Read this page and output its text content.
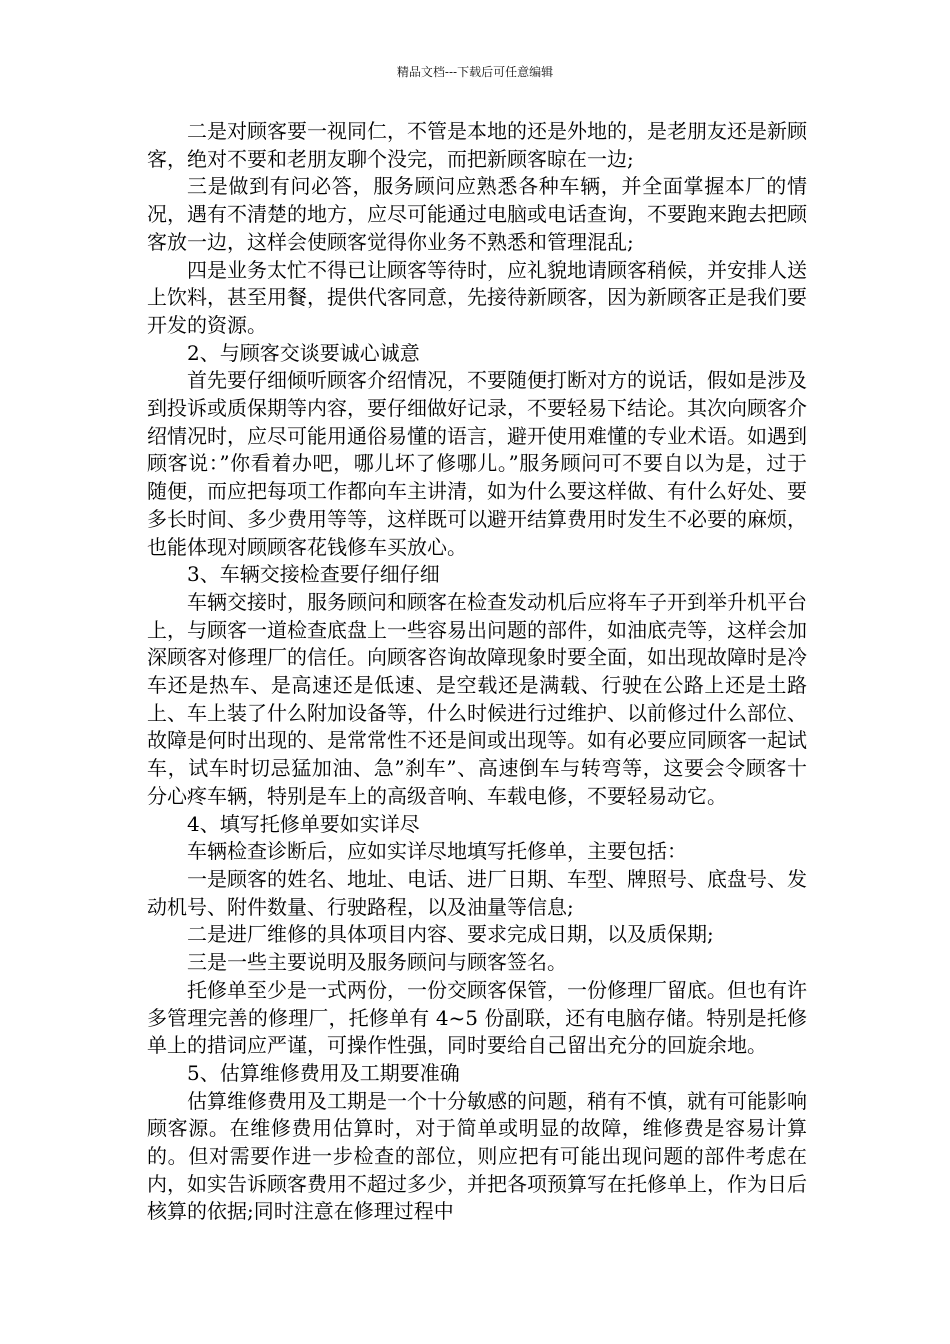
精品文档---下载后可任意编辑

二是对顾客要一视同仁，不管是本地的还是外地的，是老朋友还是新顾客，绝对不要和老朋友聊个没完，而把新顾客晾在一边;

三是做到有问必答，服务顾问应熟悉各种车辆，并全面掌握本厂的情况，遇有不清楚的地方，应尽可能通过电脑或电话查询，不要跑来跑去把顾客放一边，这样会使顾客觉得你业务不熟悉和管理混乱;

四是业务太忙不得已让顾客等待时，应礼貌地请顾客稍候，并安排人送上饮料，甚至用餐，提供代客同意，先接待新顾客，因为新顾客正是我们要开发的资源。

2、与顾客交谈要诚心诚意

首先要仔细倾听顾客介绍情况，不要随便打断对方的说话，假如是涉及到投诉或质保期等内容，要仔细做好记录，不要轻易下结论。其次向顾客介绍情况时，应尽可能用通俗易懂的语言，避开使用难懂的专业术语。如遇到顾客说：”你看着办吧，哪儿坏了修哪儿。”服务顾问可不要自以为是，过于随便，而应把每项工作都向车主讲清，如为什么要这样做、有什么好处、要多长时间、多少费用等等，这样既可以避开结算费用时发生不必要的麻烦，也能体现对顾顾客花钱修车买放心。

3、车辆交接检查要仔细仔细

车辆交接时，服务顾问和顾客在检查发动机后应将车子开到举升机平台上，与顾客一道检查底盘上一些容易出问题的部件，如油底壳等，这样会加深顾客对修理厂的信任。向顾客咨询故障现象时要全面，如出现故障时是冷车还是热车、是高速还是低速、是空载还是满载、行驶在公路上还是土路上、车上装了什么附加设备等，什么时候进行过维护、以前修过什么部位、故障是何时出现的、是常常性不还是间或出现等。如有必要应同顾客一起试车，试车时切忌猛加油、急”刹车”、高速倒车与转弯等，这要会令顾客十分心疼车辆，特别是车上的高级音响、车载电修，不要轻易动它。

4、填写托修单要如实详尽

车辆检查诊断后，应如实详尽地填写托修单，主要包括：

一是顾客的姓名、地址、电话、进厂日期、车型、牌照号、底盘号、发动机号、附件数量、行驶路程，以及油量等信息;

二是进厂维修的具体项目内容、要求完成日期，以及质保期;

三是一些主要说明及服务顾问与顾客签名。

托修单至少是一式两份，一份交顾客保管，一份修理厂留底。但也有许多管理完善的修理厂，托修单有 4~5 份副联，还有电脑存储。特别是托修单上的措词应严谨，可操作性强，同时要给自己留出充分的回旋余地。

5、估算维修费用及工期要准确

估算维修费用及工期是一个十分敏感的问题，稍有不慎，就有可能影响顾客源。在维修费用估算时，对于简单或明显的故障，维修费是容易计算的。但对需要作进一步检查的部位，则应把有可能出现问题的部件考虑在内，如实告诉顾客费用不超过多少，并把各项预算写在托修单上，作为日后核算的依据;同时注意在修理过程中
